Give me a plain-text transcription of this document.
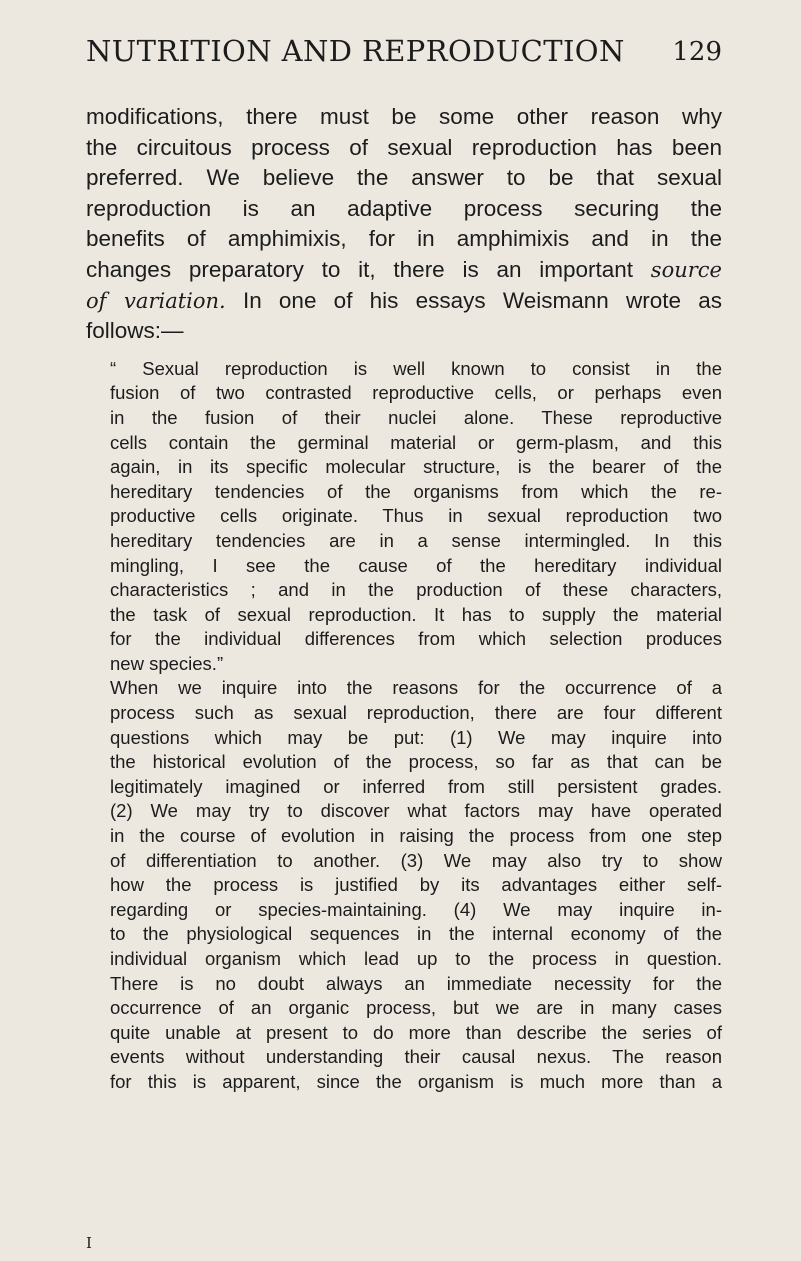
NUTRITION AND REPRODUCTION 129

modifications, there must be some other reason why
the circuitous process of sexual reproduction has been
preferred. We believe the answer to be that sexual
reproduction is an adaptive process securing the
benefits of amphimixis, for in amphimixis and in the
changes preparatory to it, there is an important source
of variation. In one of his essays Weismann wrote as
follows:—

“ Sexual reproduction is well known to consist in the
fusion of two contrasted reproductive cells, or perhaps even
in the fusion of their nuclei alone. These reproductive
cells contain the germinal material or germ-plasm, and this
again, in its specific molecular structure, is the bearer of the
hereditary tendencies of the organisms from which the re-
productive cells originate. Thus in sexual reproduction two
hereditary tendencies are in a sense intermingled. In this
mingling, I see the cause of the hereditary individual
characteristics ; and in the production of these characters,
the task of sexual reproduction. It has to supply the material
for the individual differences from which selection produces
new species.”

When we inquire into the reasons for the occurrence of a
process such as sexual reproduction, there are four different
questions which may be put: (1) We may inquire into
the historical evolution of the process, so far as that can be
legitimately imagined or inferred from still persistent grades.
(2) We may try to discover what factors may have operated
in the course of evolution in raising the process from one step
of differentiation to another. (3) We may also try to show
how the process is justified by its advantages either self-
regarding or species-maintaining. (4) We may inquire in-
to the physiological sequences in the internal economy of the
individual organism which lead up to the process in question.
There is no doubt always an immediate necessity for the
occurrence of an organic process, but we are in many cases
quite unable at present to do more than describe the series of
events without understanding their causal nexus. The reason
for this is apparent, since the organism is much more than a

I
